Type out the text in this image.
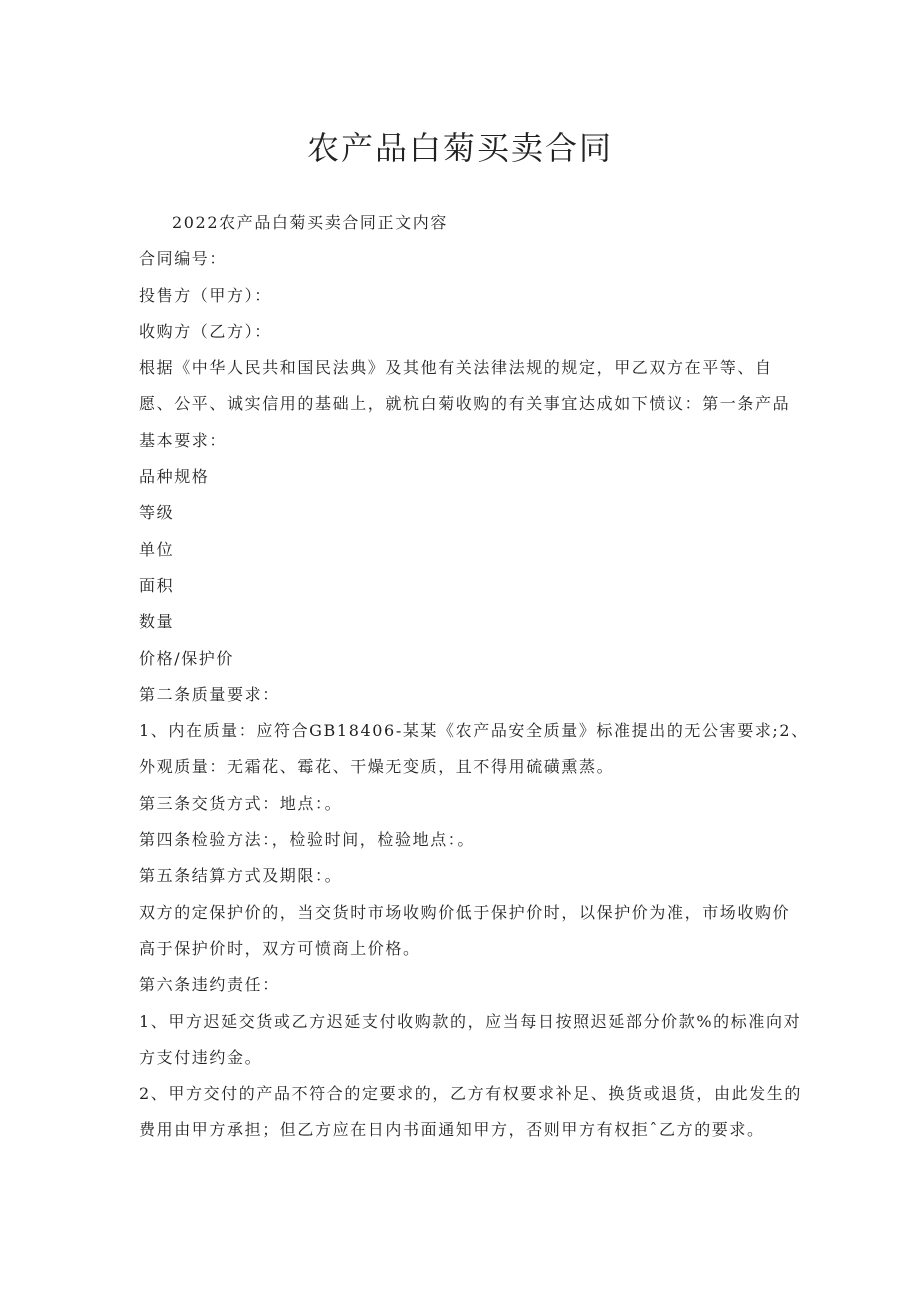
农产品白菊买卖合同

2022农产品白菊买卖合同正文内容

合同编号：

投售方（甲方）：

收购方（乙方）：

根据《中华人民共和国民法典》及其他有关法律法规的规定，甲乙双方在平等、自

愿、公平、诚实信用的基础上，就杭白菊收购的有关事宜达成如下愤议：第一条产品

基本要求：

品种规格

等级

单位

面积

数量

价格/保护价

第二条质量要求：

1、内在质量：应符合GB18406-某某《农产品安全质量》标准提出的无公害要求;2、

外观质量：无霜花、霉花、干燥无变质，且不得用硫磺熏蒸。

第三条交货方式：地点：。

第四条检验方法：，检验时间，检验地点：。

第五条结算方式及期限：。

双方的定保护价的，当交货时市场收购价低于保护价时，以保护价为准，市场收购价

高于保护价时，双方可愤商上价格。

第六条违约责任：

1、甲方迟延交货或乙方迟延支付收购款的，应当每日按照迟延部分价款%的标准向对

方支付违约金。

2、甲方交付的产品不符合的定要求的，乙方有权要求补足、换货或退货，由此发生的

费用由甲方承担；但乙方应在日内书面通知甲方，否则甲方有权拒ˆ乙方的要求。
